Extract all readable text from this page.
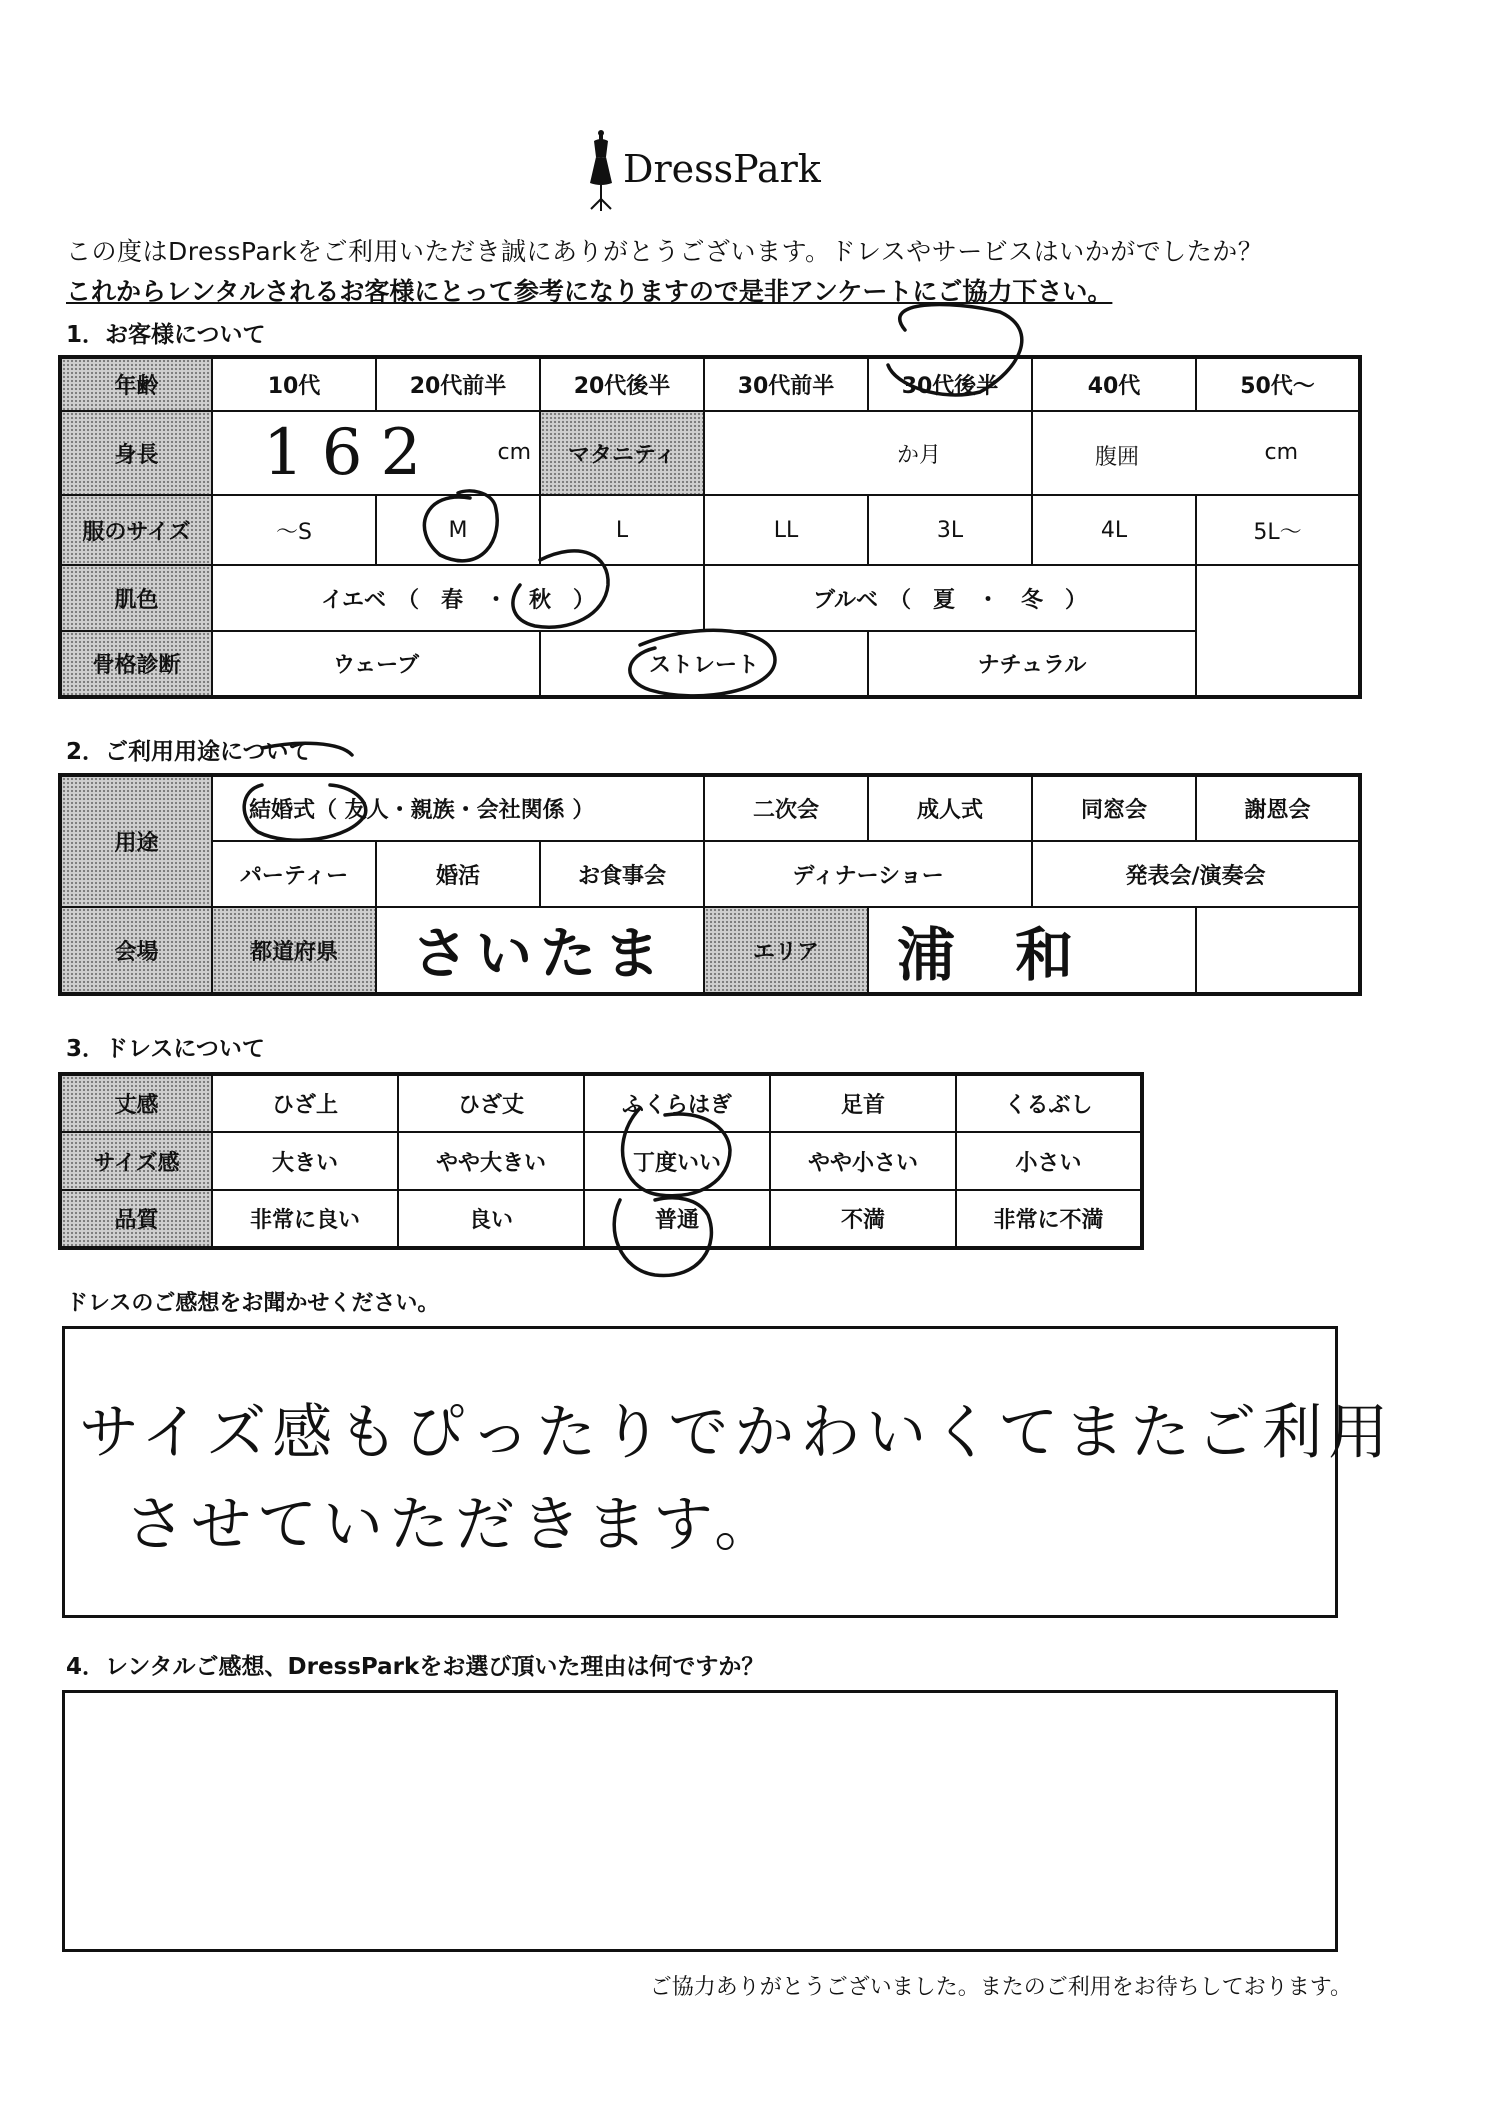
DressPark
この度はDressParkをご利用いただき誠にありがとうございます。ドレスやサービスはいかがでしたか？
これからレンタルされるお客様にとって参考になりますので是非アンケートにご協力下さい。
1．お客様について
年齢	10代	20代前半	20代後半	30代前半	30代後半	40代	50代～
身長	162 cm		マタニティ	か月		腹囲 cm	

服のサイズ	～S	M	L	LL	3L	4L	5L～
肌色	イエベ　（　春　・　秋　）			ブルベ　（　夏　・　冬　）			
骨格診断	ウェーブ		ストレート		ナチュラル		
2．ご利用用途について
用途	結婚式（ 友人・親族・会社関係 ）			二次会	成人式	同窓会	謝恩会
	パーティー	婚活	お食事会	ディナーショー		発表会/演奏会	
会場	都道府県	さいたま		エリア	浦 和		
3．ドレスについて
丈感	ひざ上	ひざ丈	ふくらはぎ	足首	くるぶし
サイズ感	大きい	やや大きい	丁度いい	やや小さい	小さい
品質	非常に良い	良い	普通	不満	非常に不満
ドレスのご感想をお聞かせください。
サイズ感もぴったりでかわいくてまたご利用
させていただきます。
4．レンタルご感想、DressParkをお選び頂いた理由は何ですか？
ご協力ありがとうございました。またのご利用をお待ちしております。
